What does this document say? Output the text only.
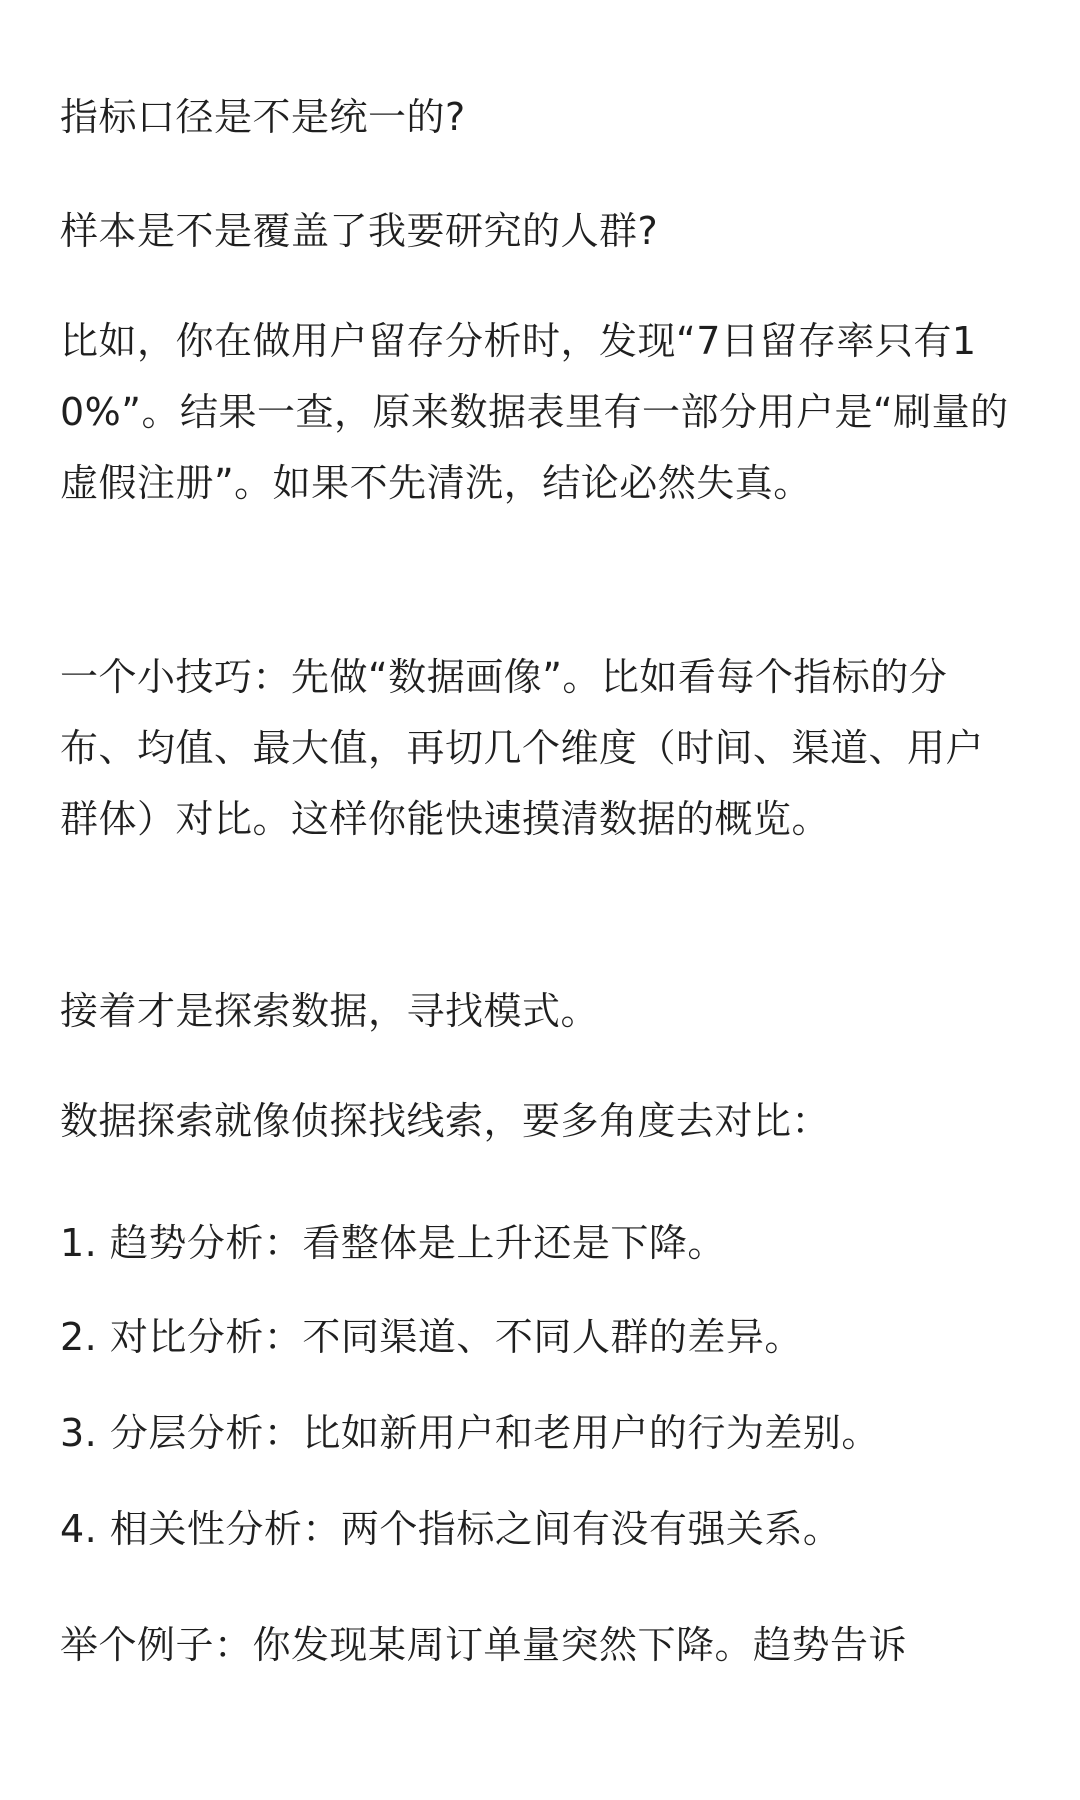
指标口径是不是统一的?

样本是不是覆盖了我要研究的人群?

比如，你在做用户留存分析时，发现“7日留存率只有10%”。结果一查，原来数据表里有一部分用户是“刷量的虚假注册”。如果不先清洗，结论必然失真。

一个小技巧：先做“数据画像”。比如看每个指标的分布、均值、最大值，再切几个维度（时间、渠道、用户群体）对比。这样你能快速摸清数据的概览。

接着才是探索数据，寻找模式。

数据探索就像侦探找线索，要多角度去对比：

1. 趋势分析：看整体是上升还是下降。

2. 对比分析：不同渠道、不同人群的差异。

3. 分层分析：比如新用户和老用户的行为差别。

4. 相关性分析：两个指标之间有没有强关系。

举个例子：你发现某周订单量突然下降。趋势告诉
